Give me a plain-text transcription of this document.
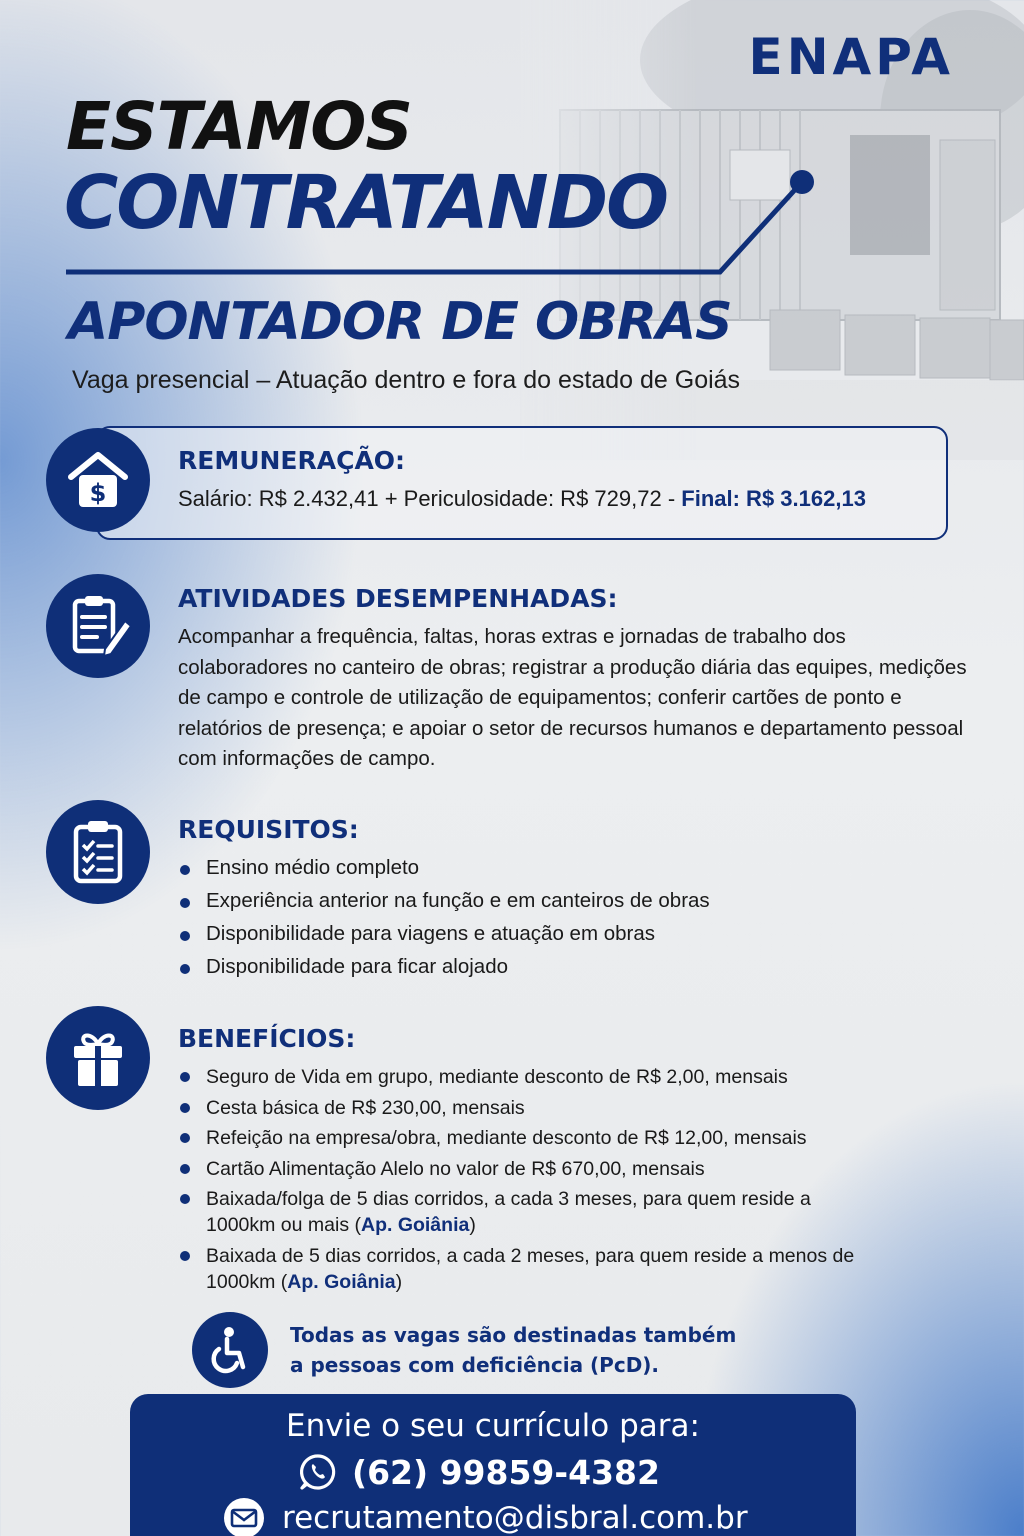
ENAPA
ESTAMOS
CONTRATANDO
APONTADOR DE OBRAS
Vaga presencial – Atuação dentro e fora do estado de Goiás
$
REMUNERAÇÃO:
Salário: R$ 2.432,41 + Periculosidade: R$ 729,72 - Final: R$ 3.162,13
ATIVIDADES DESEMPENHADAS:
Acompanhar a frequência, faltas, horas extras e jornadas de trabalho dos colaboradores no canteiro de obras; registrar a produção diária das equipes, medições de campo e controle de utilização de equipamentos; conferir cartões de ponto e relatórios de presença; e apoiar o setor de recursos humanos e departamento pessoal com informações de campo.
REQUISITOS:
Ensino médio completo
Experiência anterior na função e em canteiros de obras
Disponibilidade para viagens e atuação em obras
Disponibilidade para ficar alojado
BENEFÍCIOS:
Seguro de Vida em grupo, mediante desconto de R$ 2,00, mensais
Cesta básica de R$ 230,00, mensais
Refeição na empresa/obra, mediante desconto de R$ 12,00, mensais
Cartão Alimentação Alelo no valor de R$ 670,00, mensais
Baixada/folga de 5 dias corridos, a cada 3 meses, para quem reside a 1000km ou mais (Ap. Goiânia)
Baixada de 5 dias corridos, a cada 2 meses, para quem reside a menos de 1000km (Ap. Goiânia)
Todas as vagas são destinadas também
a pessoas com deficiência (PcD).
Envie o seu currículo para:
(62) 99859-4382
recrutamento@disbral.com.br
